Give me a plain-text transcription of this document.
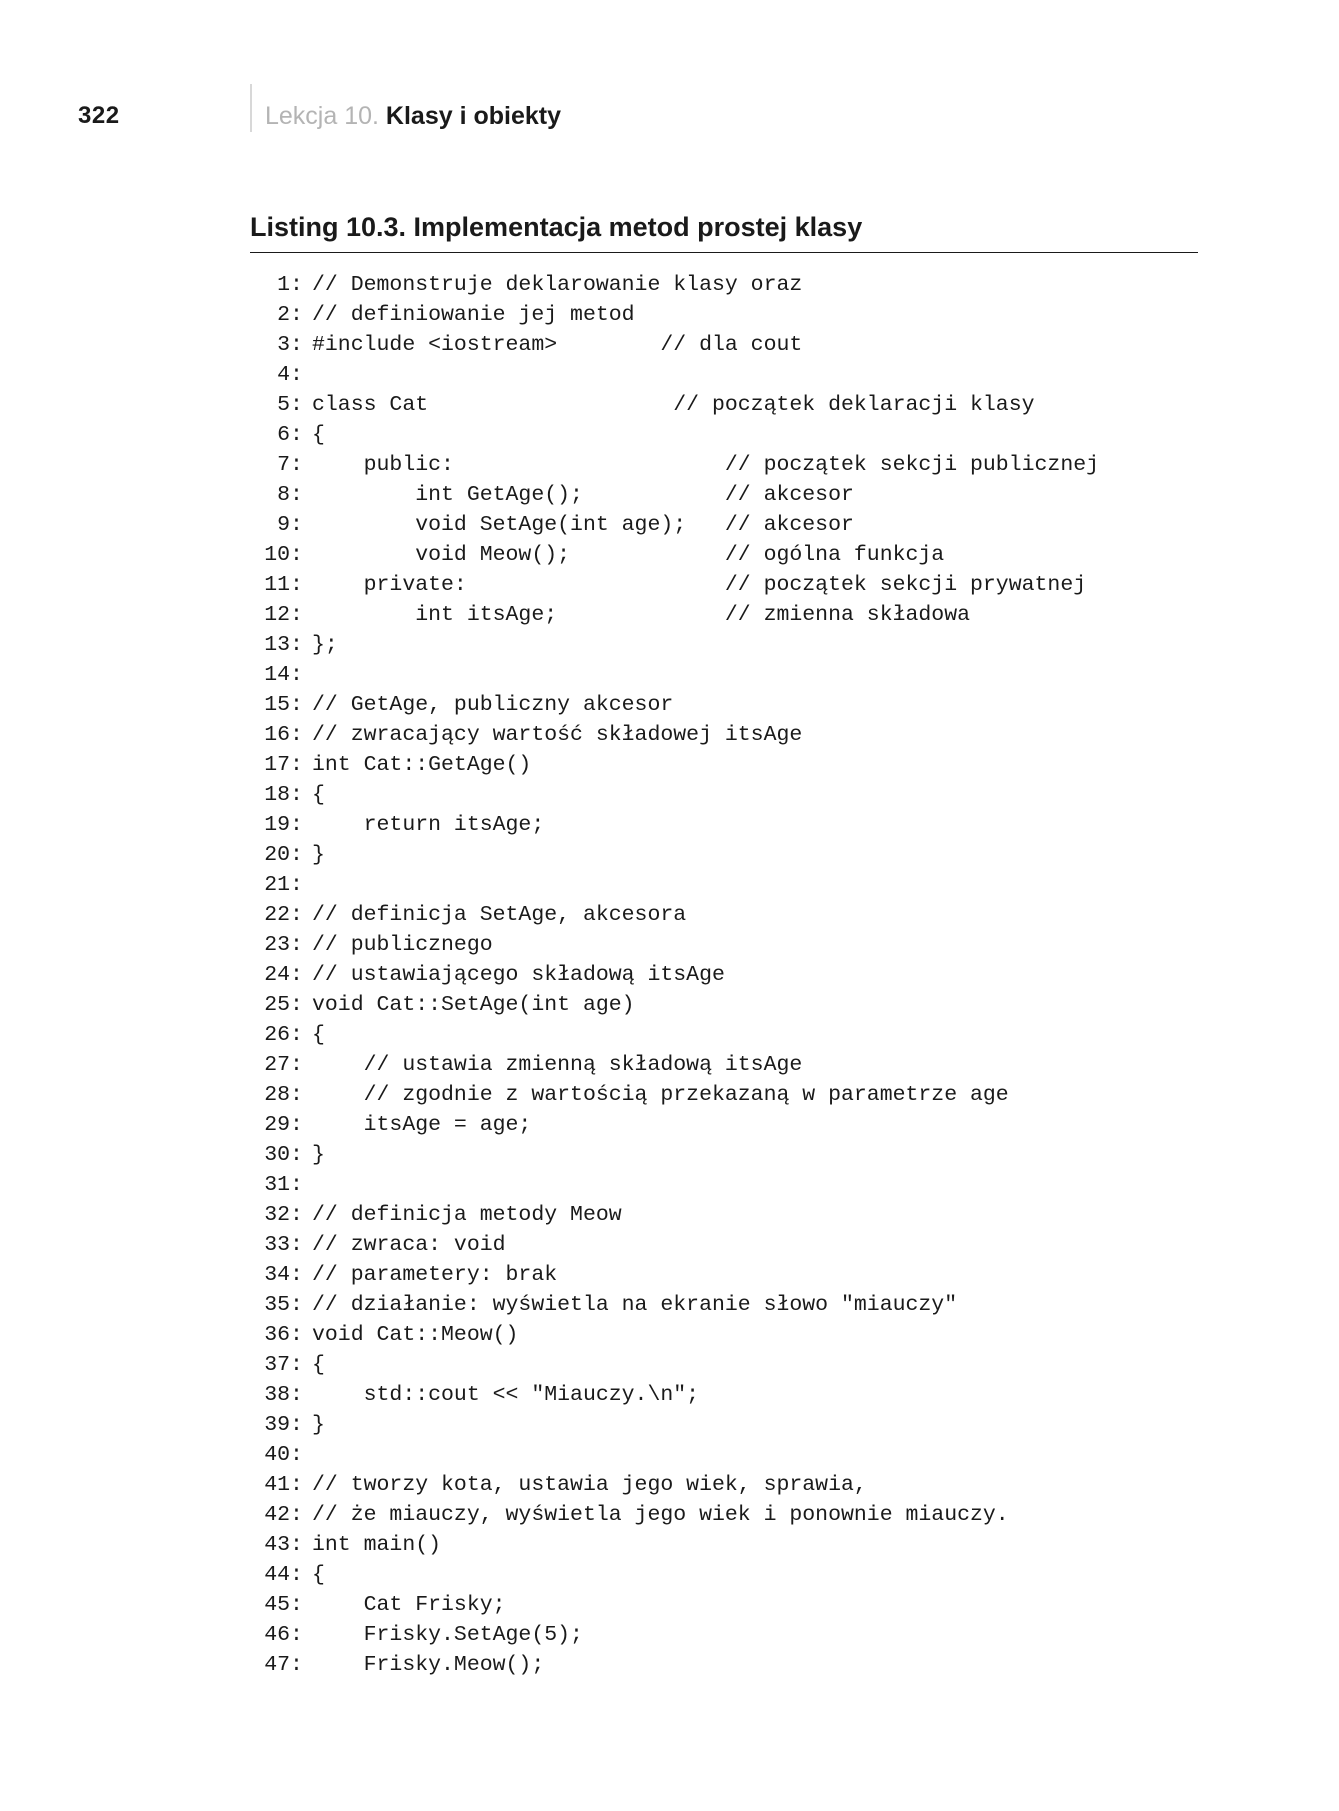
322	Lekcja 10. Klasy i obiekty
Listing 10.3. Implementacja metod prostej klasy
1 : // Demonstruje deklarowanie klasy oraz
2 : // definiowanie jej metod
3 : #include <iostream>        // dla cout
4 :
5 : class Cat                   // początek deklaracji klasy
6 : {
7 : public:                     // początek sekcji publicznej
8 : int GetAge();           // akcesor
9 : void SetAge(int age);   // akcesor
10 : void Meow();            // ogólna funkcja
11 : private:                    // początek sekcji prywatnej
12 : int itsAge;             // zmienna składowa
13 : };
14 :
15 : // GetAge, publiczny akcesor
16 : // zwracający wartość składowej itsAge
17 : int Cat::GetAge()
18 : {
19 : return itsAge;
20 : }
21 :
22 : // definicja SetAge, akcesora
23 : // publicznego
24 : // ustawiającego składową itsAge
25 : void Cat::SetAge(int age)
26 : {
27 : // ustawia zmienną składową itsAge
28 : // zgodnie z wartością przekazaną w parametrze age
29 : itsAge = age;
30 : }
31 :
32 : // definicja metody Meow
33 : // zwraca: void
34 : // parametery: brak
35 : // działanie: wyświetla na ekranie słowo "miauczy"
36 : void Cat::Meow()
37 : {
38 : std::cout << "Miauczy.\n";
39 : }
40 :
41 : // tworzy kota, ustawia jego wiek, sprawia,
42 : // że miauczy, wyświetla jego wiek i ponownie miauczy.
43 : int main()
44 : {
45 : Cat Frisky;
46 : Frisky.SetAge(5);
47 : Frisky.Meow();
